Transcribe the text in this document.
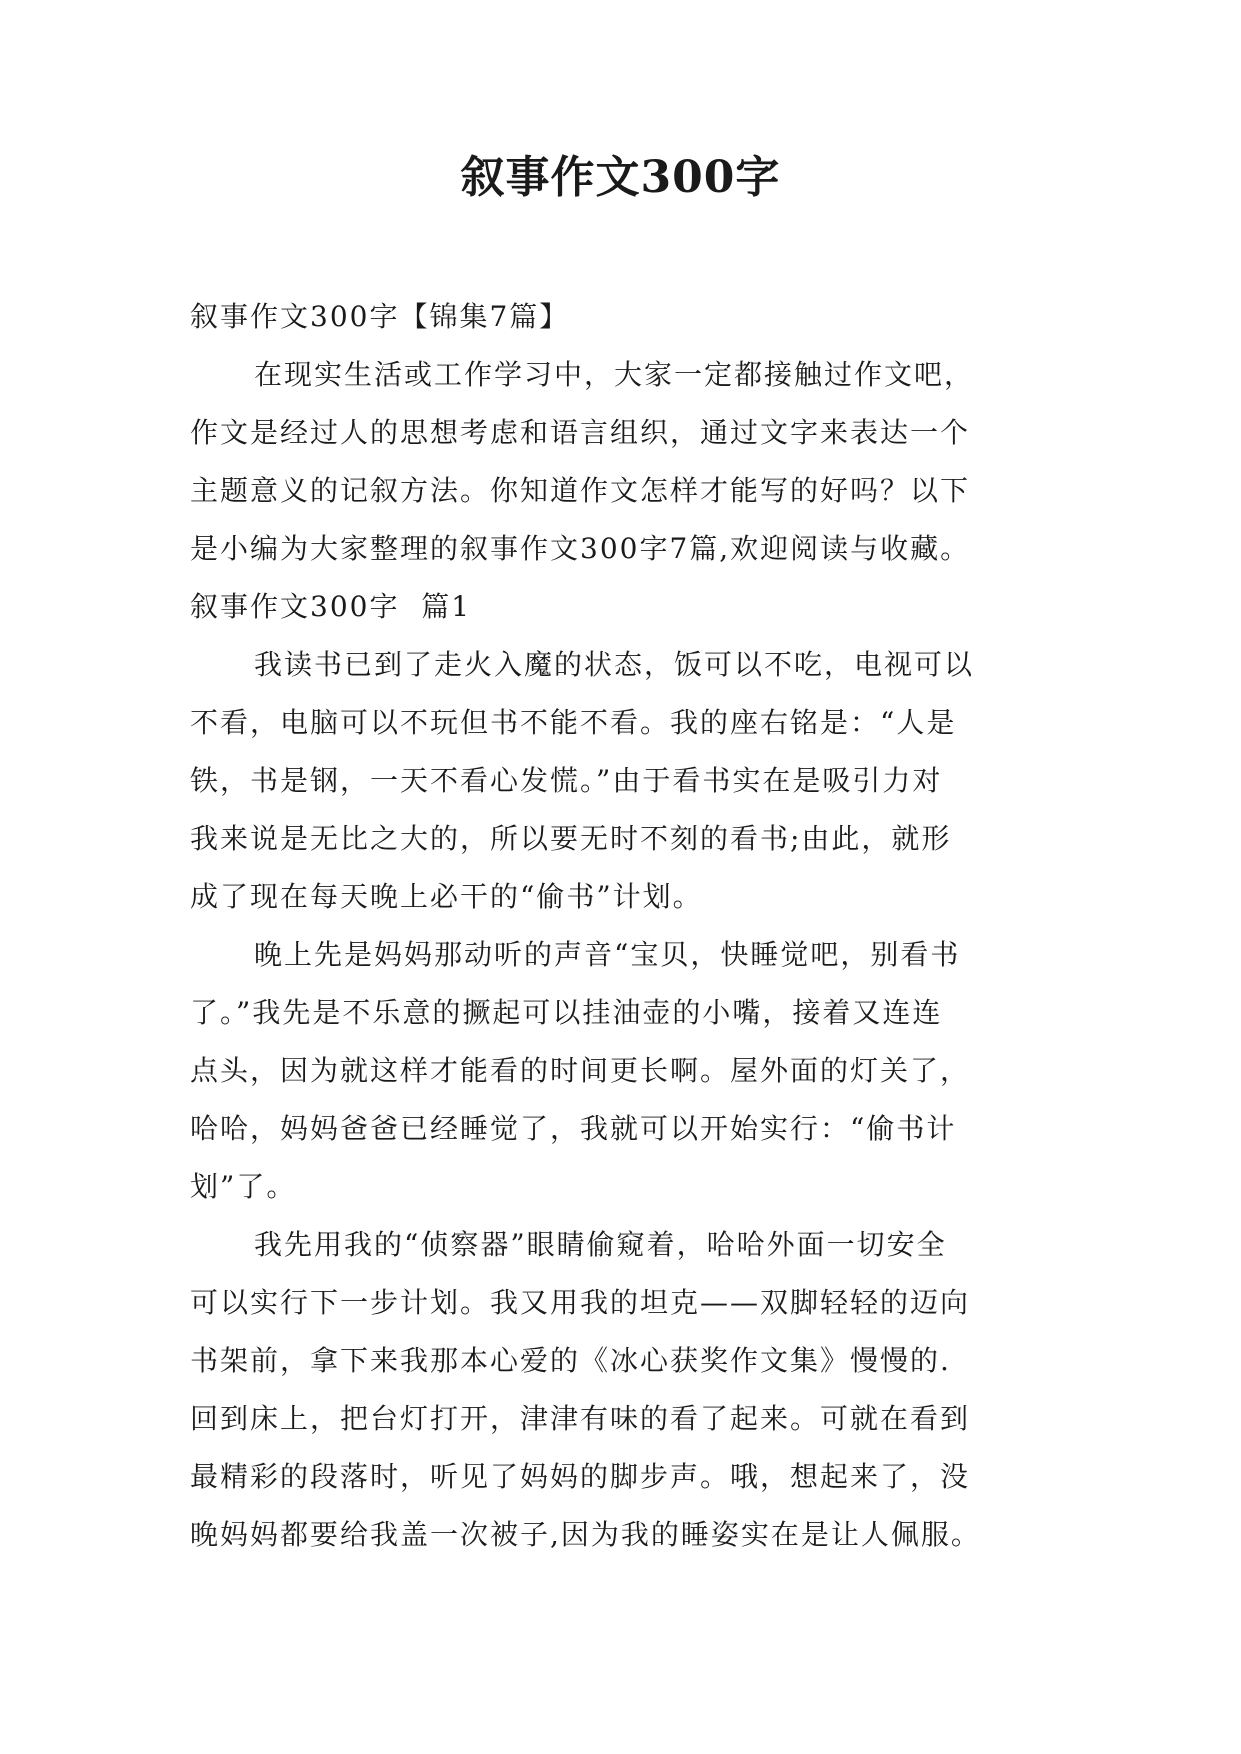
叙事作文300字
叙事作文300字【锦集7篇】
在现实生活或工作学习中，大家一定都接触过作文吧，
作文是经过人的思想考虑和语言组织，通过文字来表达一个
主题意义的记叙方法。你知道作文怎样才能写的好吗？以下
是小编为大家整理的叙事作文300字7篇,欢迎阅读与收藏。
叙事作文300字  篇1
我读书已到了走火入魔的状态，饭可以不吃，电视可以
不看，电脑可以不玩但书不能不看。我的座右铭是：“人是
铁，书是钢，一天不看心发慌。”由于看书实在是吸引力对
我来说是无比之大的，所以要无时不刻的看书;由此，就形
成了现在每天晚上必干的“偷书”计划。
晚上先是妈妈那动听的声音“宝贝，快睡觉吧，别看书
了。”我先是不乐意的撅起可以挂油壶的小嘴，接着又连连
点头，因为就这样才能看的时间更长啊。屋外面的灯关了，
哈哈，妈妈爸爸已经睡觉了，我就可以开始实行：“偷书计
划”了。
我先用我的“侦察器”眼睛偷窥着，哈哈外面一切安全
可以实行下一步计划。我又用我的坦克——双脚轻轻的迈向
书架前，拿下来我那本心爱的《冰心获奖作文集》慢慢的.
回到床上，把台灯打开，津津有味的看了起来。可就在看到
最精彩的段落时，听见了妈妈的脚步声。哦，想起来了，没
晚妈妈都要给我盖一次被子,因为我的睡姿实在是让人佩服。
